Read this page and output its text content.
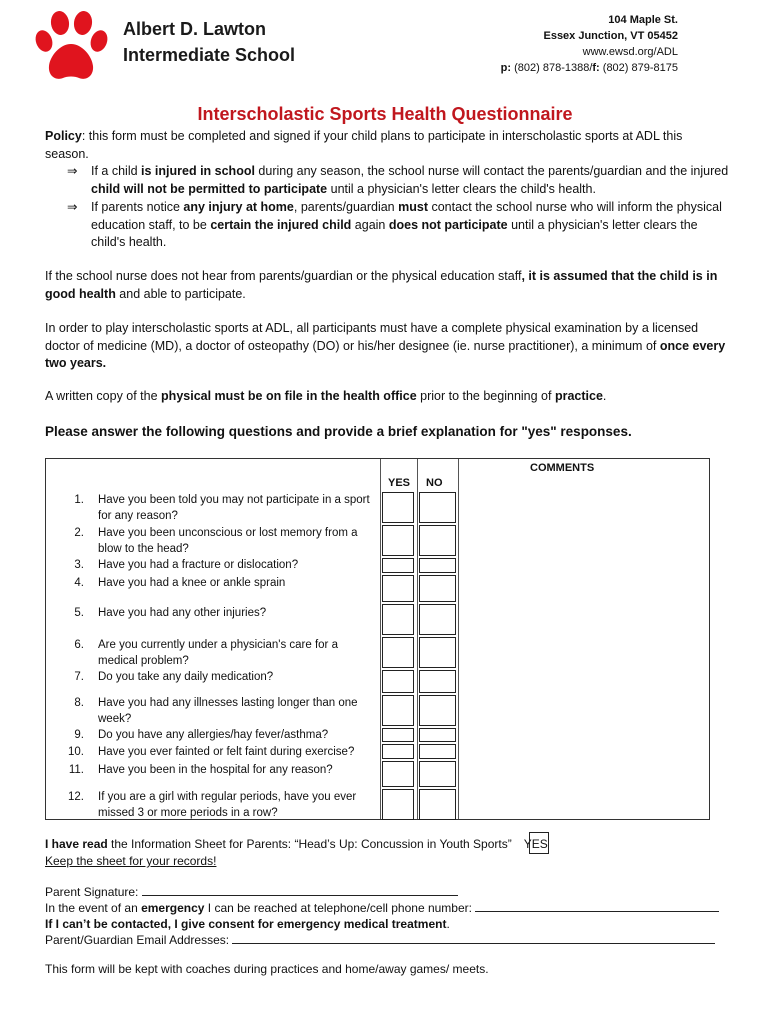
Albert D. Lawton
Intermediate School
104 Maple St.
Essex Junction, VT 05452
www.ewsd.org/ADL
p: (802) 878-1388/f: (802) 879-8175
Interscholastic Sports Health Questionnaire

Policy: this form must be completed and signed if your child plans to participate in interscholastic sports at ADL this season.

⇒ If a child is injured in school during any season, the school nurse will contact the parents/guardian and the injured child will not be permitted to participate until a physician's letter clears the child's health.
⇒ If parents notice any injury at home, parents/guardian must contact the school nurse who will inform the physical education staff, to be certain the injured child again does not participate until a physician's letter clears the child's health.

If the school nurse does not hear from parents/guardian or the physical education staff, it is assumed that the child is in good health and able to participate.

In order to play interscholastic sports at ADL, all participants must have a complete physical examination by a licensed doctor of medicine (MD), a doctor of osteopathy (DO) or his/her designee (ie. nurse practitioner), a minimum of once every two years.

A written copy of the physical must be on file in the health office prior to the beginning of practice.

Please answer the following questions and provide a brief explanation for "yes" responses.
YES NO
COMMENTS
1. Have you been told you may not participate in a sport for any reason?
2. Have you been unconscious or lost memory from a blow to the head?
3. Have you had a fracture or dislocation?
4. Have you had a knee or ankle sprain
5. Have you had any other injuries?
6. Are you currently under a physician's care for a medical problem?
7. Do you take any daily medication?
8. Have you had any illnesses lasting longer than one week?
9. Do you have any allergies/hay fever/asthma?
10. Have you ever fainted or felt faint during exercise?
11. Have you been in the hospital for any reason?
12. If you are a girl with regular periods, have you ever missed 3 or more periods in a row?
I have read the Information Sheet for Parents: “Head’s Up: Concussion in Youth Sports” YES
Keep the sheet for your records!
Parent Signature:
In the event of an emergency I can be reached at telephone/cell phone number:
If I can’t be contacted, I give consent for emergency medical treatment.
Parent/Guardian Email Addresses:
This form will be kept with coaches during practices and home/away games/ meets.
